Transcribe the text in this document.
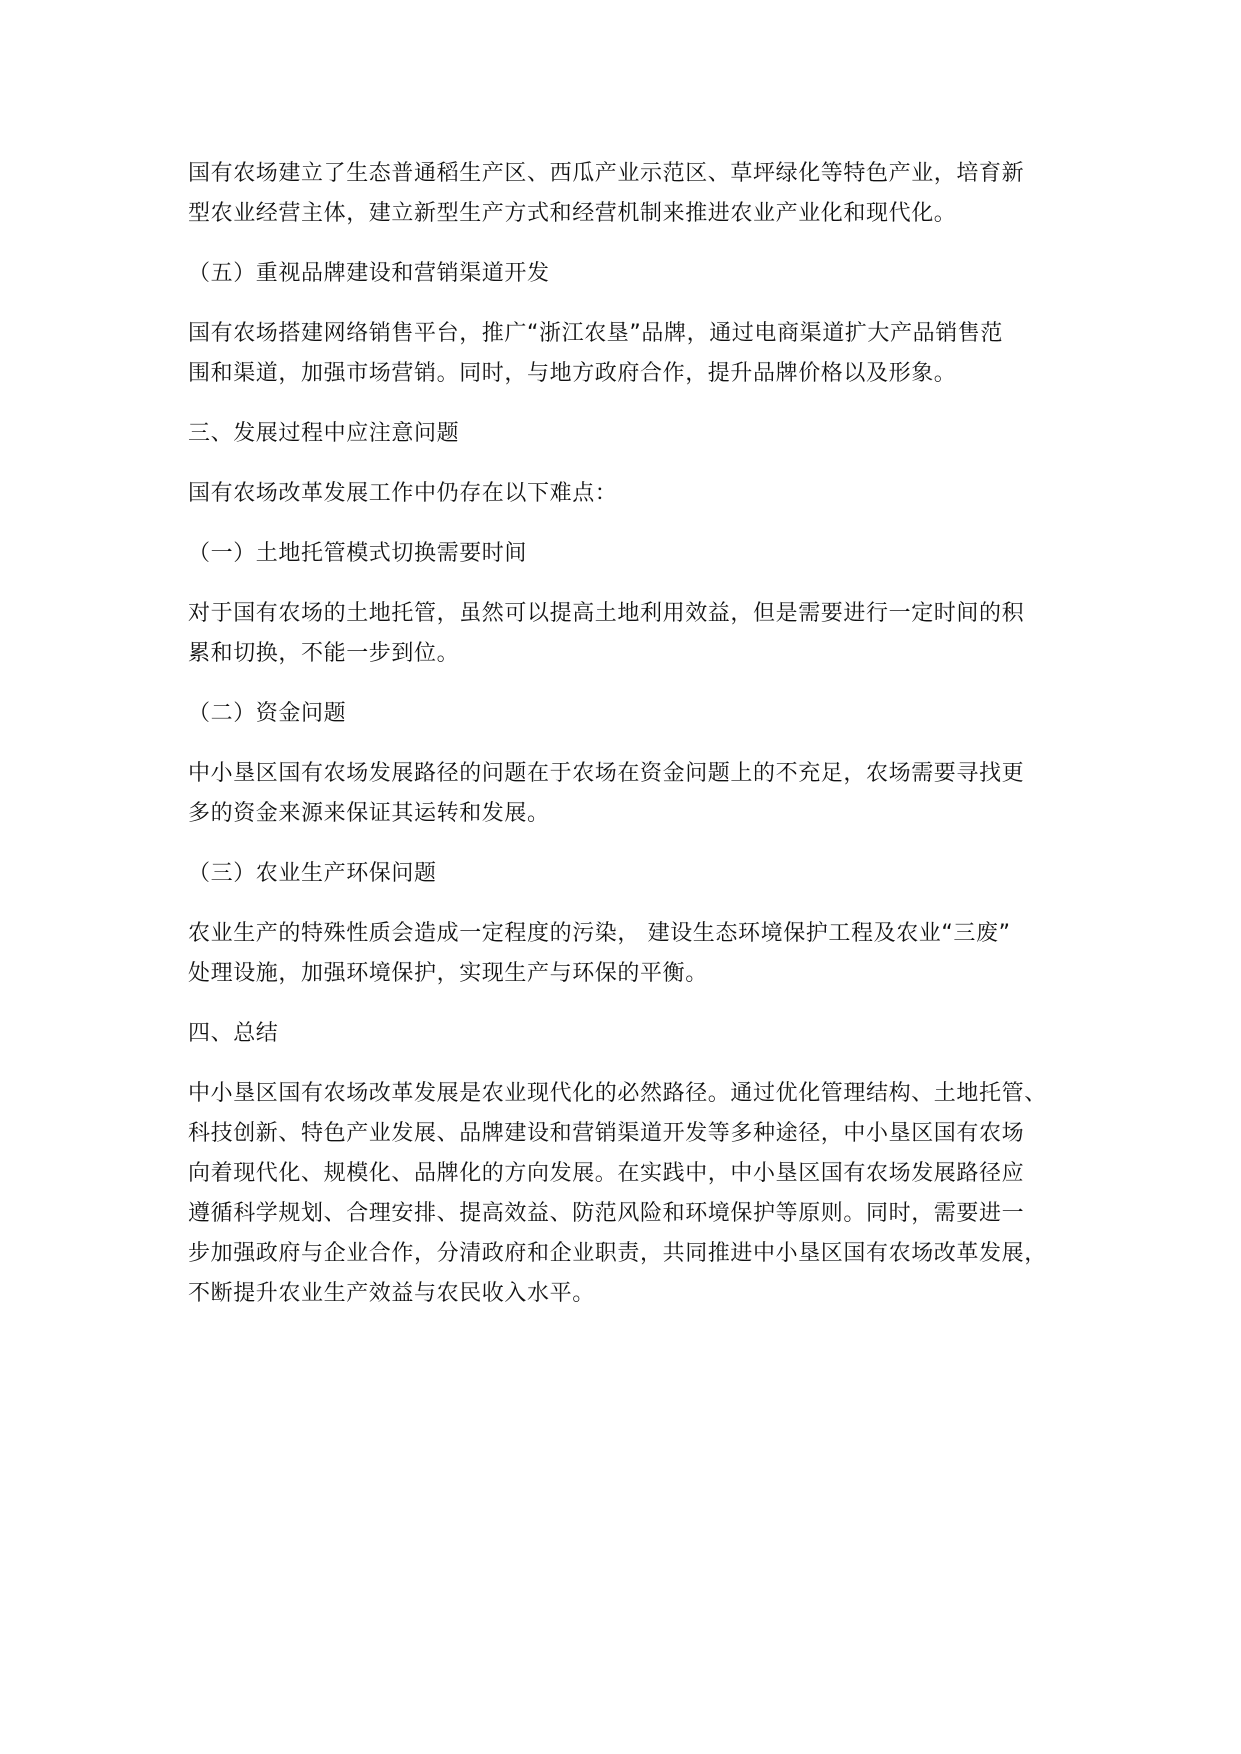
国有农场建立了生态普通稻生产区、西瓜产业示范区、草坪绿化等特色产业，培育新
型农业经营主体，建立新型生产方式和经营机制来推进农业产业化和现代化。

（五）重视品牌建设和营销渠道开发

国有农场搭建网络销售平台，推广“浙江农垦”品牌，通过电商渠道扩大产品销售范
围和渠道，加强市场营销。同时，与地方政府合作，提升品牌价格以及形象。

三、发展过程中应注意问题

国有农场改革发展工作中仍存在以下难点：

（一）土地托管模式切换需要时间

对于国有农场的土地托管，虽然可以提高土地利用效益，但是需要进行一定时间的积
累和切换，不能一步到位。

（二）资金问题

中小垦区国有农场发展路径的问题在于农场在资金问题上的不充足，农场需要寻找更
多的资金来源来保证其运转和发展。

（三）农业生产环保问题

农业生产的特殊性质会造成一定程度的污染， 建设生态环境保护工程及农业“三废”
处理设施，加强环境保护，实现生产与环保的平衡。

四、总结

中小垦区国有农场改革发展是农业现代化的必然路径。通过优化管理结构、土地托管、
科技创新、特色产业发展、品牌建设和营销渠道开发等多种途径，中小垦区国有农场
向着现代化、规模化、品牌化的方向发展。在实践中，中小垦区国有农场发展路径应
遵循科学规划、合理安排、提高效益、防范风险和环境保护等原则。同时，需要进一
步加强政府与企业合作，分清政府和企业职责，共同推进中小垦区国有农场改革发展，
不断提升农业生产效益与农民收入水平。
